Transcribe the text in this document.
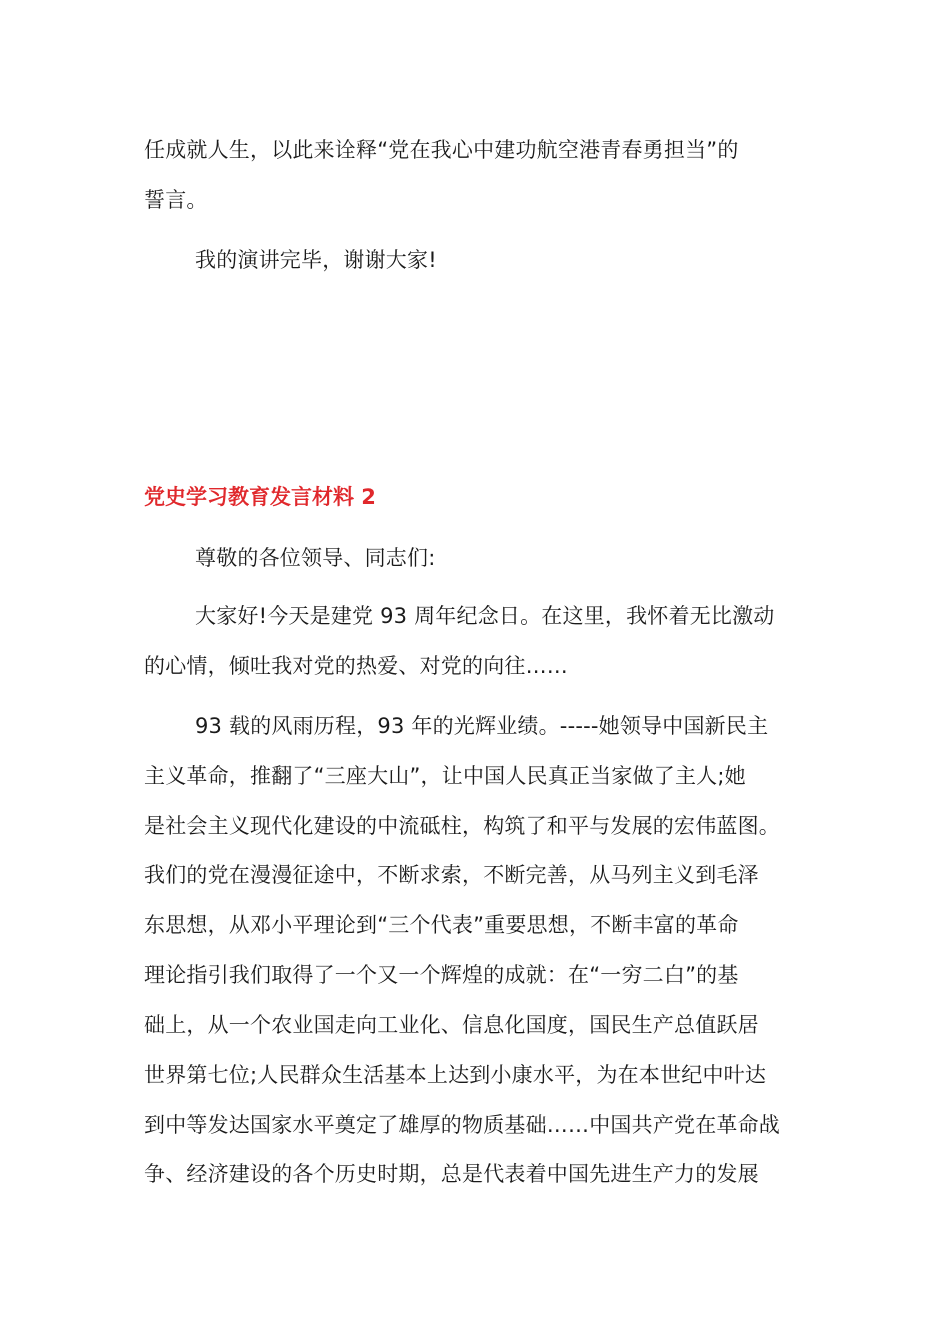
任成就人生，以此来诠释“党在我心中建功航空港青春勇担当”的
誓言。
我的演讲完毕，谢谢大家!
党史学习教育发言材料 2
尊敬的各位领导、同志们:
大家好!今天是建党 93 周年纪念日。在这里，我怀着无比激动
的心情，倾吐我对党的热爱、对党的向往……
93 载的风雨历程，93 年的光辉业绩。-----她领导中国新民主
主义革命，推翻了“三座大山”，让中国人民真正当家做了主人;她
是社会主义现代化建设的中流砥柱，构筑了和平与发展的宏伟蓝图。
我们的党在漫漫征途中，不断求索，不断完善，从马列主义到毛泽
东思想，从邓小平理论到“三个代表”重要思想，不断丰富的革命
理论指引我们取得了一个又一个辉煌的成就：在“一穷二白”的基
础上，从一个农业国走向工业化、信息化国度，国民生产总值跃居
世界第七位;人民群众生活基本上达到小康水平，为在本世纪中叶达
到中等发达国家水平奠定了雄厚的物质基础……中国共产党在革命战
争、经济建设的各个历史时期，总是代表着中国先进生产力的发展
